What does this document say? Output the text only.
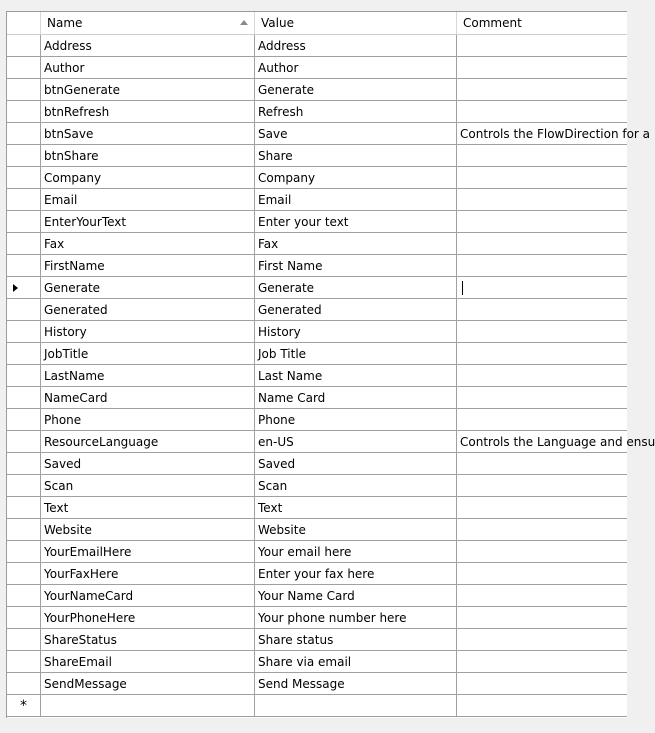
Name	Value	Comment
Address	Address
Author	Author
btnGenerate	Generate
btnRefresh	Refresh
btnSave	Save	Controls the FlowDirection for a
btnShare	Share
Company	Company
Email	Email
EnterYourText	Enter your text
Fax	Fax
FirstName	First Name
Generate	Generate
Generated	Generated
History	History
JobTitle	Job Title
LastName	Last Name
NameCard	Name Card
Phone	Phone
ResourceLanguage	en-US	Controls the Language and ensu
Saved	Saved
Scan	Scan
Text	Text
Website	Website
YourEmailHere	Your email here
YourFaxHere	Enter your fax here
YourNameCard	Your Name Card
YourPhoneHere	Your phone number here
ShareStatus	Share status
ShareEmail	Share via email
SendMessage	Send Message
*
